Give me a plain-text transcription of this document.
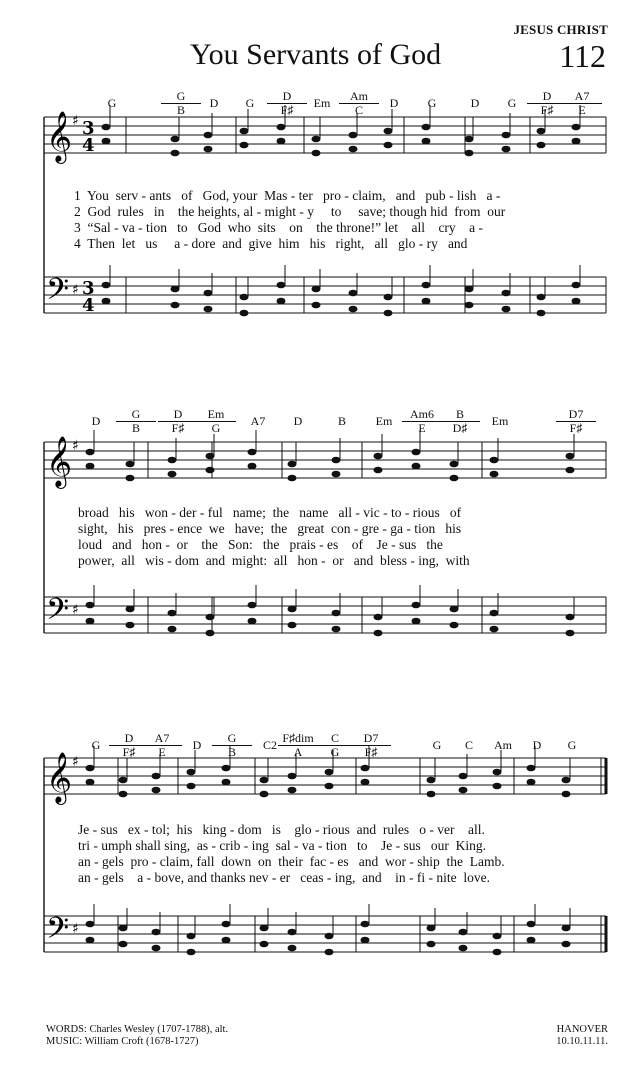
JESUS CHRIST
You Servants of God	112
𝄞
𝄢
♯
♯
3
3
4
4
𝄞
𝄢
♯
♯
𝄞
𝄢
♯
♯
G	G
B	D	G	D
F♯	Em	Am
C	D	G	D	G	D
F♯
A7
E
D	G
B
D
F♯
Em
G	A7	D	B	Em	Am6
E
B
D♯	Em	D7
F♯
G	D
F♯
A7
E	D	G
B	C2 F♯dim
A
C
G
D7
F♯	G	C	Am	D	G
1  You  serv - ants   of   God, your  Mas - ter   pro - claim,   and   pub - lish   a -
2  God  rules   in    the heights, al - might - y     to     save; though hid  from  our
3  “Sal - va - tion   to   God  who  sits    on    the throne!” let    all    cry    a -
4  Then  let   us     a - dore  and  give  him   his   right,   all   glo - ry   and
broad   his   won - der - ful   name;  the   name   all - vic - to - rious   of
sight,   his   pres - ence  we   have;  the   great  con - gre - ga - tion   his
loud   and   hon -  or    the   Son:   the   prais - es    of    Je - sus   the
power,  all   wis - dom  and  might:  all   hon -  or   and  bless - ing,  with
Je - sus   ex - tol;  his   king - dom   is    glo - rious  and  rules   o - ver    all.
tri - umph shall sing,  as - crib - ing  sal - va - tion   to    Je - sus   our  King.
an - gels  pro - claim, fall  down  on  their  fac - es   and  wor - ship  the  Lamb.
an - gels    a - bove, and thanks nev - er   ceas - ing,  and    in - fi - nite  love.
WORDS: Charles Wesley (1707-1788), alt.
MUSIC: William Croft (1678-1727)
HANOVER
10.10.11.11.
